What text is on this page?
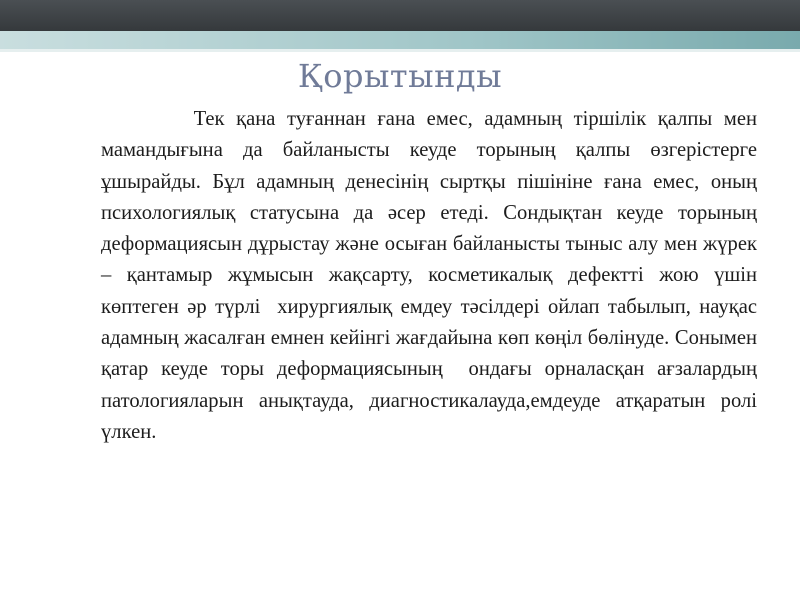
Қорытынды

Тек қана туғаннан ғана емес, адамның тіршілік қалпы мен мамандығына да байланысты кеуде торының қалпы өзгерістерге ұшырайды. Бұл адамның денесінің сыртқы пішініне ғана емес, оның психологиялық статусына да әсер етеді. Сондықтан кеуде торының деформациясын дұрыстау және осыған байланысты тыныс алу мен жүрек – қантамыр жұмысын жақсарту, косметикалық дефектті жою үшін көптеген әр түрлі  хирургиялық емдеу тәсілдері ойлап табылып, науқас адамның жасалған емнен кейінгі жағдайына көп көңіл бөлінуде. Сонымен қатар кеуде торы деформациясының  ондағы орналасқан ағзалардың патологияларын анықтауда, диагностикалауда,емдеуде атқаратын ролі үлкен.
